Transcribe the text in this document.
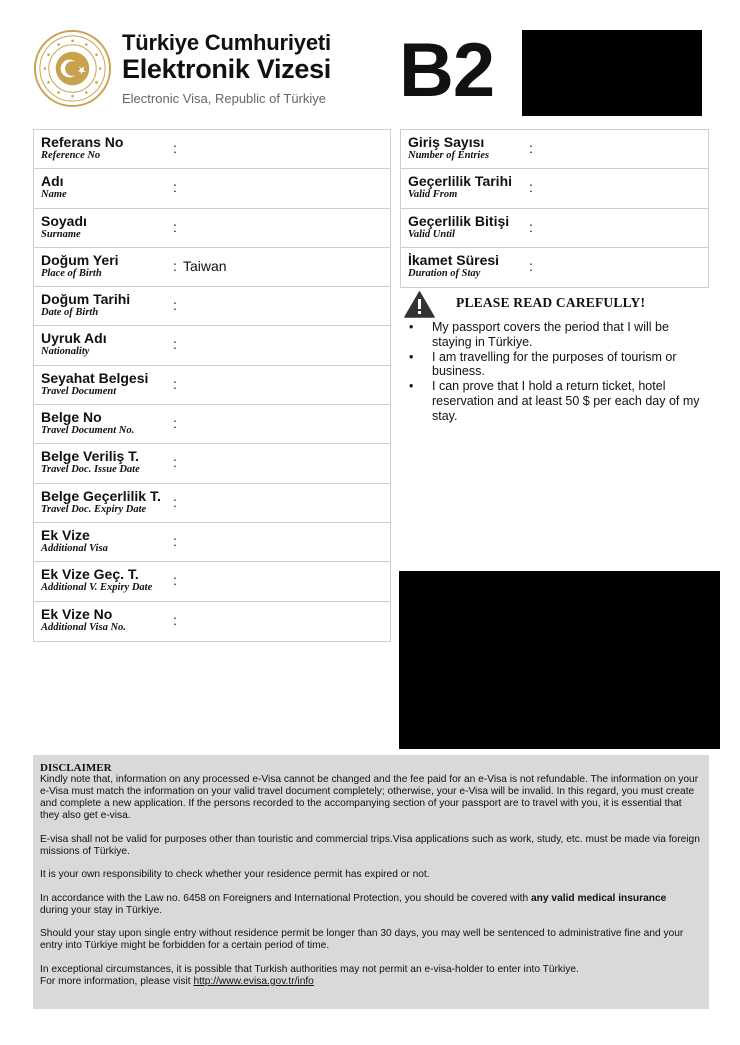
Türkiye Cumhuriyeti
Elektronik Vizesi
Electronic Visa, Republic of Türkiye B2
Referans No
Reference No	:
Adı
Name	:
Soyadı
Surname	:
Doğum Yeri
Place of Birth	: Taiwan
Doğum Tarihi
Date of Birth	:
Uyruk Adı
Nationality	:
Seyahat Belgesi
Travel Document	:
Belge No
Travel Document No.	:
Belge Veriliş T.
Travel Doc. Issue Date :
Belge Geçerlilik T.
Travel Doc. Expiry Date :
Ek Vize
Additional Visa	:
Ek Vize Geç. T.
Additional V. Expiry Date :
Ek Vize No
Additional Visa No.	:
Giriş Sayısı
Number of Entries	:
Geçerlilik Tarihi
Valid From	:
Geçerlilik Bitişi
Valid Until	:
İkamet Süresi
Duration of Stay	:
PLEASE READ CAREFULLY!
• My passport covers the period that I will be staying in Türkiye.
• I am travelling for the purposes of tourism or business.
• I can prove that I hold a return ticket, hotel reservation and at least 50 $ per each day of my stay.
DISCLAIMER

Kindly note that, information on any processed e-Visa cannot be changed and the fee paid for an e-Visa is not refundable. The information on your e-Visa must match the information on your valid travel document completely; otherwise, your e-Visa will be invalid. In this regard, you must create and complete a new application. If the persons recorded to the accompanying section of your passport are to travel with you, it is essential that they also get e-visa.

E-visa shall not be valid for purposes other than touristic and commercial trips.Visa applications such as work, study, etc. must be made via foreign missions of Türkiye.

It is your own responsibility to check whether your residence permit has expired or not.

In accordance with the Law no. 6458 on Foreigners and International Protection, you should be covered with any valid medical insurance
during your stay in Türkiye.

Should your stay upon single entry without residence permit be longer than 30 days, you may well be sentenced to administrative fine and your entry into Türkiye might be forbidden for a certain period of time.

In exceptional circumstances, it is possible that Turkish authorities may not permit an e-visa-holder to enter into Türkiye.
For more information, please visit http://www.evisa.gov.tr/info
